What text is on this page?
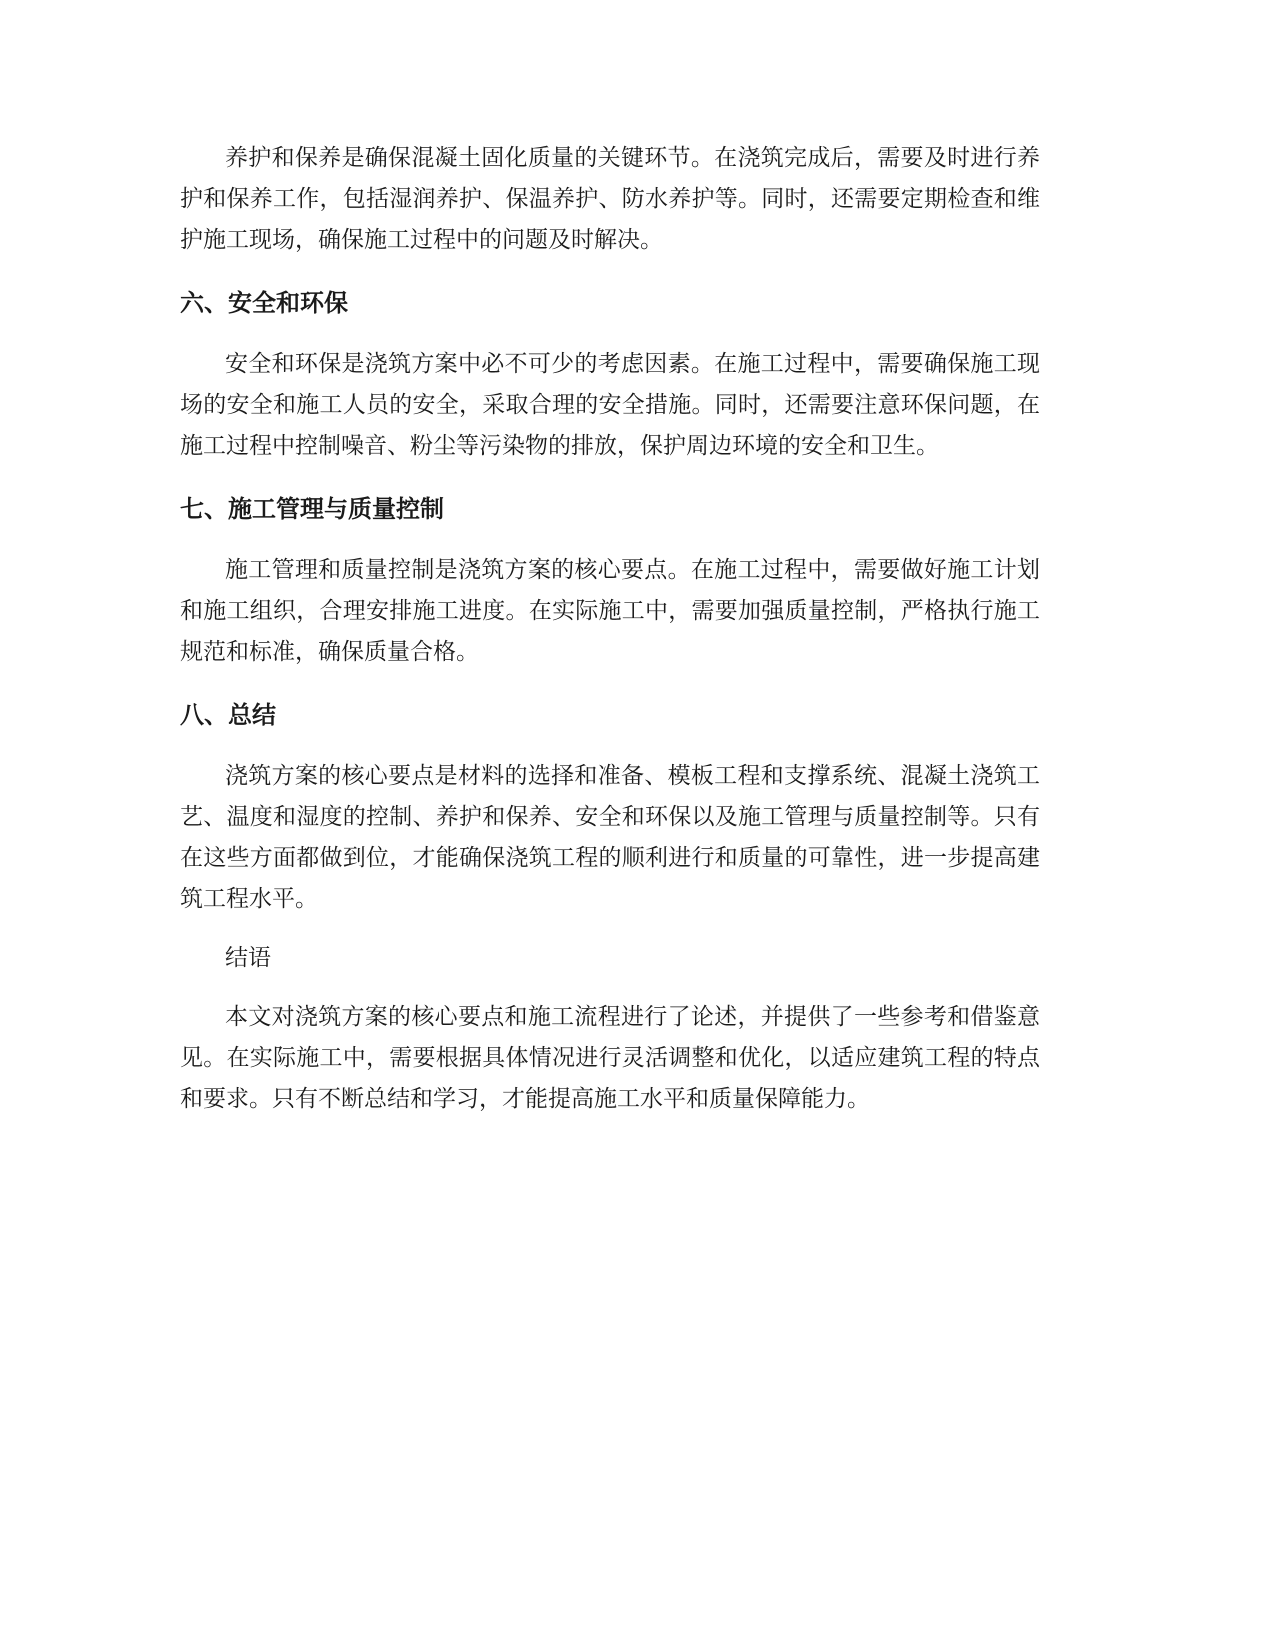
养护和保养是确保混凝土固化质量的关键环节。在浇筑完成后，需要及时进行养护和保养工作，包括湿润养护、保温养护、防水养护等。同时，还需要定期检查和维护施工现场，确保施工过程中的问题及时解决。

六、安全和环保

安全和环保是浇筑方案中必不可少的考虑因素。在施工过程中，需要确保施工现场的安全和施工人员的安全，采取合理的安全措施。同时，还需要注意环保问题，在施工过程中控制噪音、粉尘等污染物的排放，保护周边环境的安全和卫生。

七、施工管理与质量控制

施工管理和质量控制是浇筑方案的核心要点。在施工过程中，需要做好施工计划和施工组织，合理安排施工进度。在实际施工中，需要加强质量控制，严格执行施工规范和标准，确保质量合格。

八、总结

浇筑方案的核心要点是材料的选择和准备、模板工程和支撑系统、混凝土浇筑工艺、温度和湿度的控制、养护和保养、安全和环保以及施工管理与质量控制等。只有在这些方面都做到位，才能确保浇筑工程的顺利进行和质量的可靠性，进一步提高建筑工程水平。

结语

本文对浇筑方案的核心要点和施工流程进行了论述，并提供了一些参考和借鉴意见。在实际施工中，需要根据具体情况进行灵活调整和优化，以适应建筑工程的特点和要求。只有不断总结和学习，才能提高施工水平和质量保障能力。
